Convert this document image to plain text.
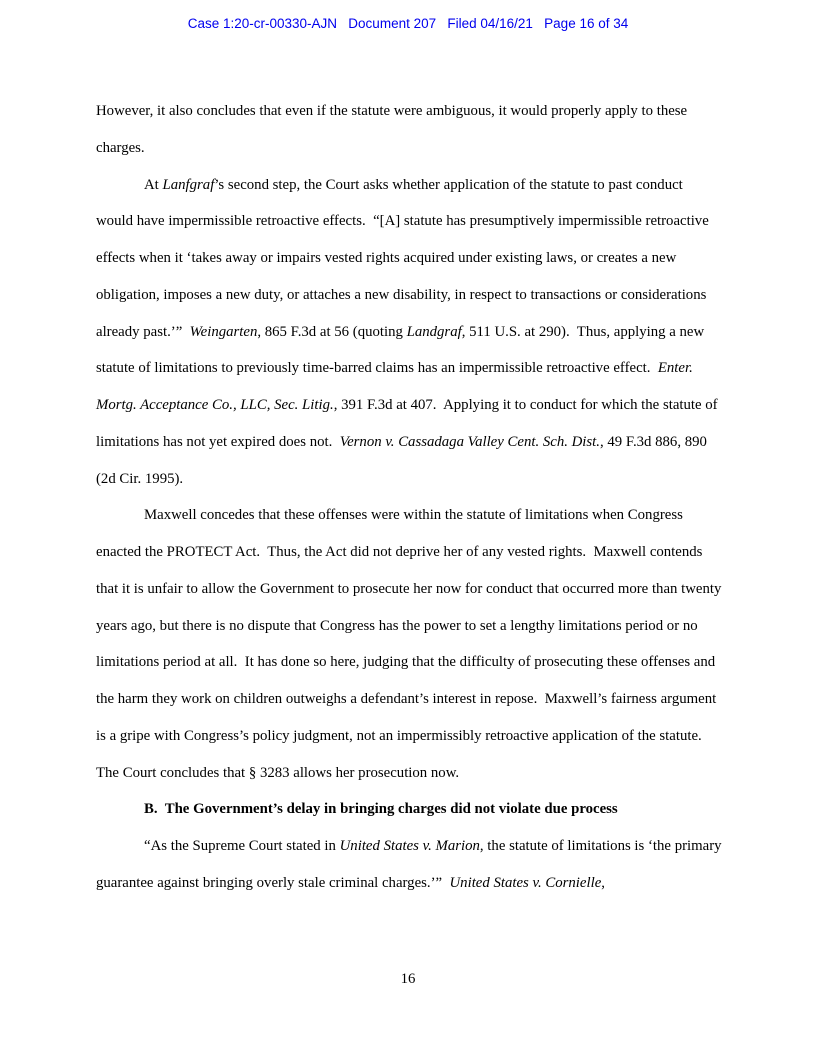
Case 1:20-cr-00330-AJN   Document 207   Filed 04/16/21   Page 16 of 34

However, it also concludes that even if the statute were ambiguous, it would properly apply to these charges.

At Lanfgraf’s second step, the Court asks whether application of the statute to past conduct would have impermissible retroactive effects.  “[A] statute has presumptively impermissible retroactive effects when it ‘takes away or impairs vested rights acquired under existing laws, or creates a new obligation, imposes a new duty, or attaches a new disability, in respect to transactions or considerations already past.’”  Weingarten, 865 F.3d at 56 (quoting Landgraf, 511 U.S. at 290).  Thus, applying a new statute of limitations to previously time-barred claims has an impermissible retroactive effect.  Enter. Mortg. Acceptance Co., LLC, Sec. Litig., 391 F.3d at 407.  Applying it to conduct for which the statute of limitations has not yet expired does not.  Vernon v. Cassadaga Valley Cent. Sch. Dist., 49 F.3d 886, 890 (2d Cir. 1995).

Maxwell concedes that these offenses were within the statute of limitations when Congress enacted the PROTECT Act.  Thus, the Act did not deprive her of any vested rights.  Maxwell contends that it is unfair to allow the Government to prosecute her now for conduct that occurred more than twenty years ago, but there is no dispute that Congress has the power to set a lengthy limitations period or no limitations period at all.  It has done so here, judging that the difficulty of prosecuting these offenses and the harm they work on children outweighs a defendant’s interest in repose.  Maxwell’s fairness argument is a gripe with Congress’s policy judgment, not an impermissibly retroactive application of the statute.  The Court concludes that § 3283 allows her prosecution now.

B.  The Government’s delay in bringing charges did not violate due process

“As the Supreme Court stated in United States v. Marion, the statute of limitations is ‘the primary guarantee against bringing overly stale criminal charges.’”  United States v. Cornielle,

16
